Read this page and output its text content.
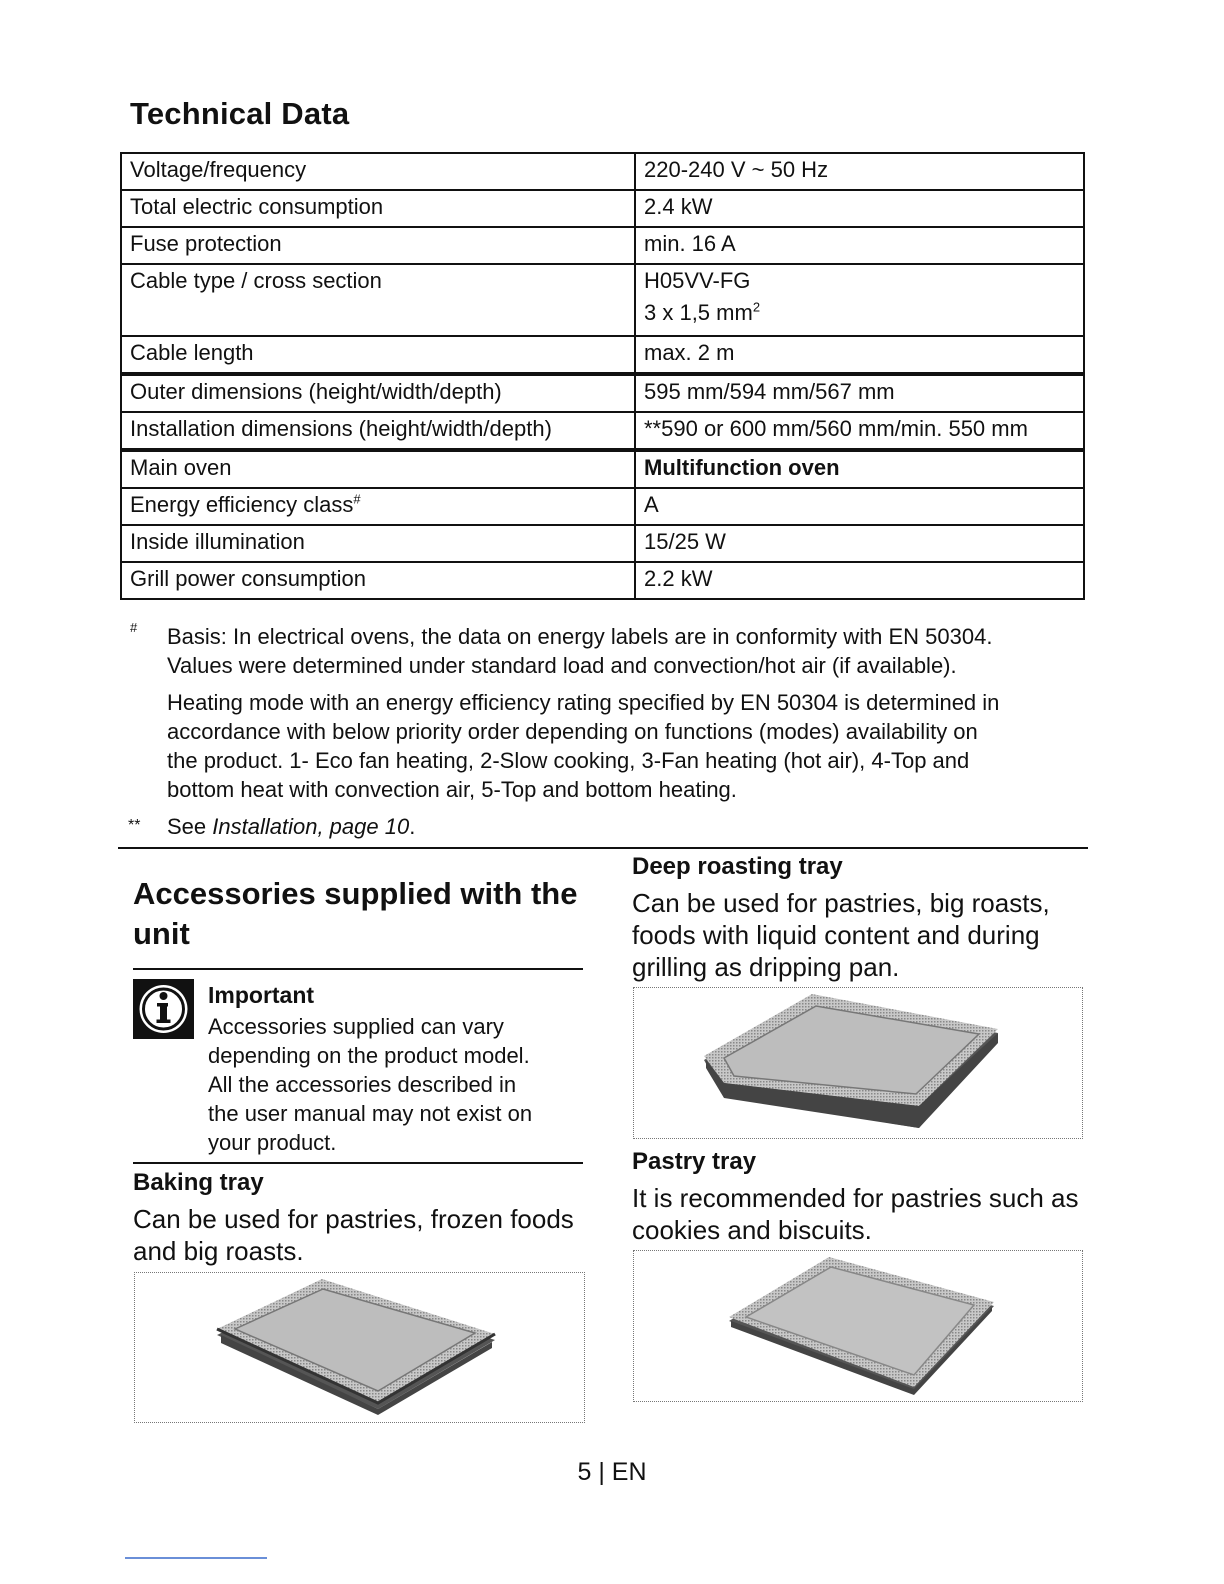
Technical Data
Voltage/frequency	220-240 V ~ 50 Hz
Total electric consumption	2.4 kW
Fuse protection	min. 16 A
Cable type / cross section	H05VV-FG
3 x 1,5 $mm^2$

Cable length	max. 2 m
Outer dimensions (height/width/depth)	595 mm/594 mm/567 mm
Installation dimensions (height/width/depth)	**590 or 600 mm/560 mm/min. 550 mm
Main oven	Multifunction oven
Energy efficiency class#	A
Inside illumination	15/25 W
Grill power consumption	2.2 kW
# Basis: In electrical ovens, the data on energy labels are in conformity with EN 50304.
Values were determined under standard load and convection/hot air (if available).
Heating mode with an energy efficiency rating specified by EN 50304 is determined in
accordance with below priority order depending on functions (modes) availability on
the product. 1- Eco fan heating, 2-Slow cooking, 3-Fan heating (hot air), 4-Top and
bottom heat with convection air, 5-Top and bottom heating.
** See Installation, page 10.
Accessories supplied with the
unit
Important
Accessories supplied can vary
depending on the product model.
All the accessories described in
the user manual may not exist on
your product.
Baking tray
Can be used for pastries, frozen foods
and big roasts.
Deep roasting tray
Can be used for pastries, big roasts,
foods with liquid content and during
grilling as dripping pan.
Pastry tray
It is recommended for pastries such as
cookies and biscuits.
5 | EN
